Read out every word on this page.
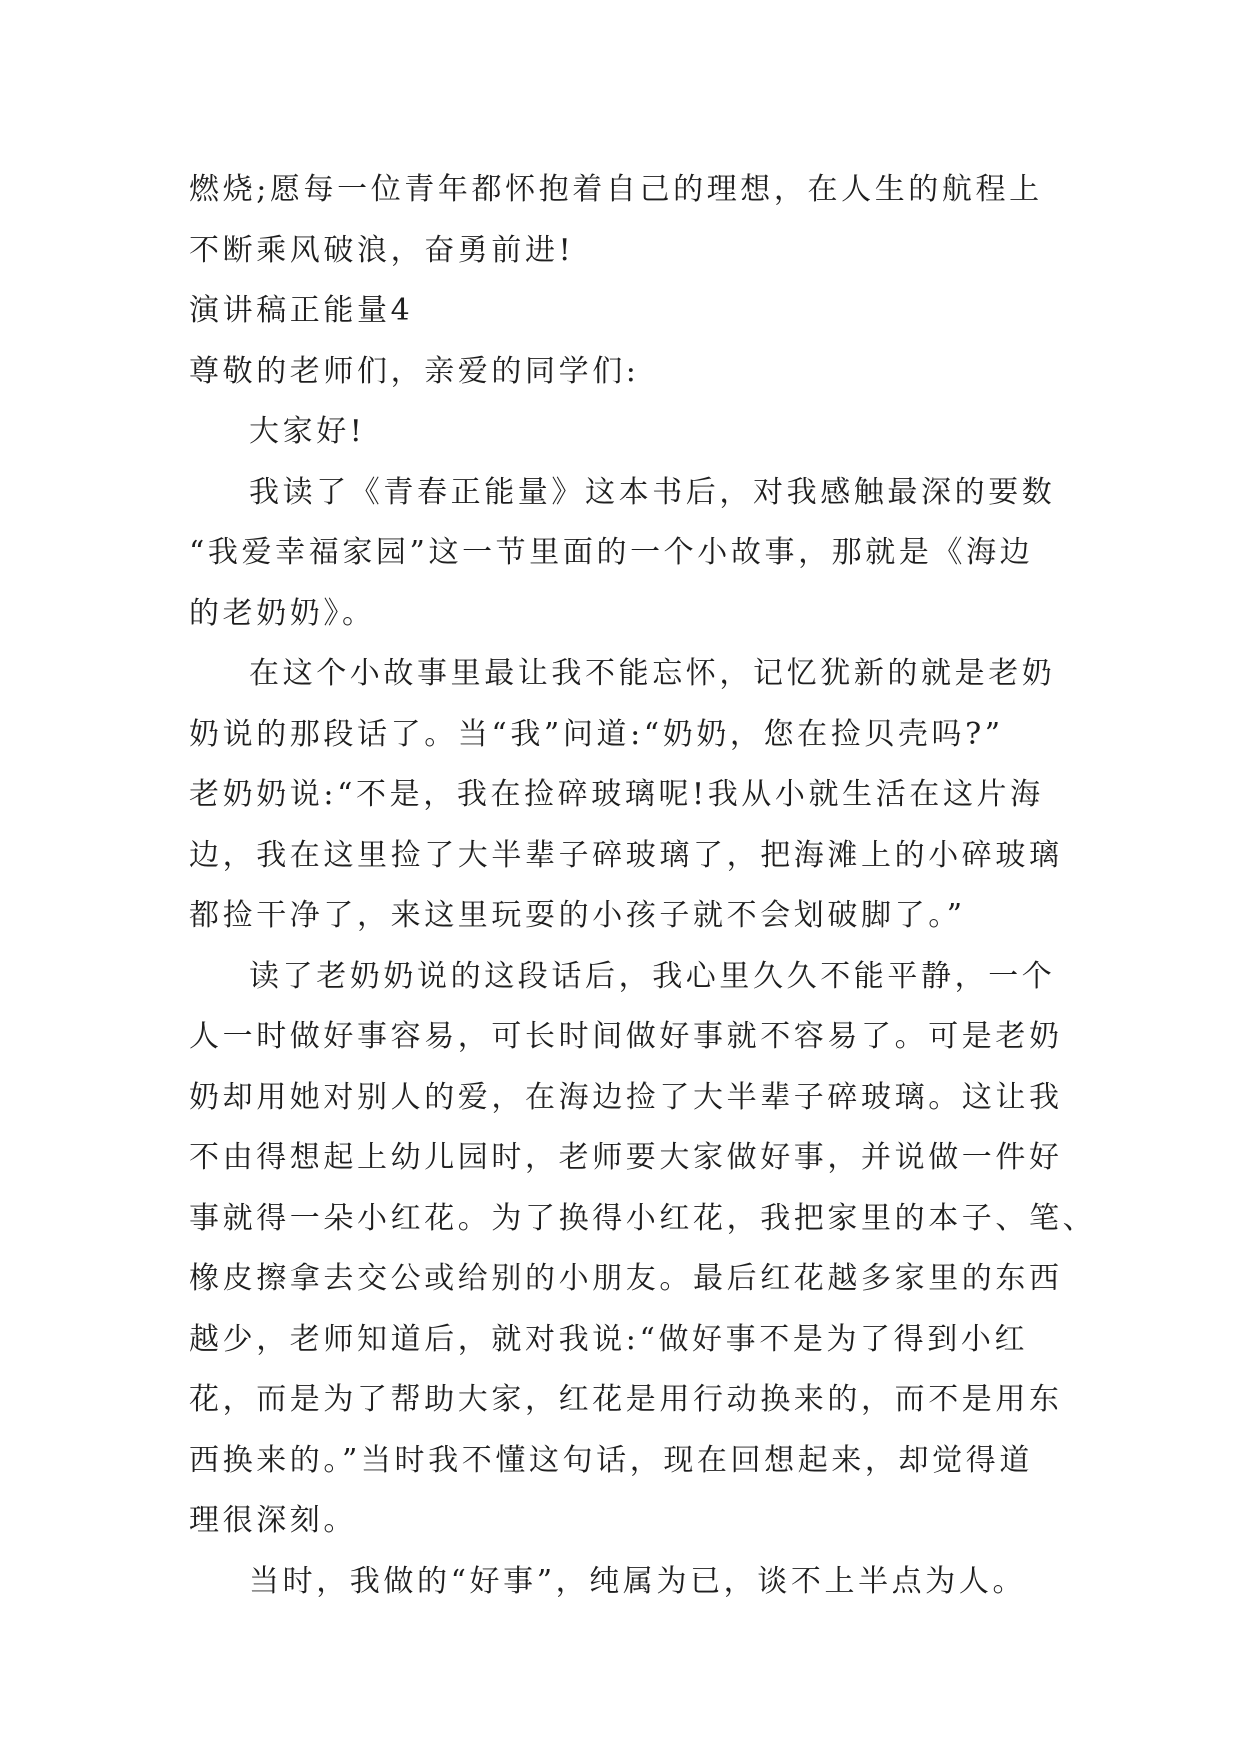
燃烧;愿每一位青年都怀抱着自己的理想，在人生的航程上
不断乘风破浪，奋勇前进!

演讲稿正能量4

尊敬的老师们，亲爱的同学们:

大家好!

我读了《青春正能量》这本书后，对我感触最深的要数
“我爱幸福家园”这一节里面的一个小故事，那就是《海边
的老奶奶》。

在这个小故事里最让我不能忘怀，记忆犹新的就是老奶
奶说的那段话了。当“我”问道:“奶奶，您在捡贝壳吗?”
老奶奶说:“不是，我在捡碎玻璃呢!我从小就生活在这片海
边，我在这里捡了大半辈子碎玻璃了，把海滩上的小碎玻璃
都捡干净了，来这里玩耍的小孩子就不会划破脚了。”

读了老奶奶说的这段话后，我心里久久不能平静，一个
人一时做好事容易，可长时间做好事就不容易了。可是老奶
奶却用她对别人的爱，在海边捡了大半辈子碎玻璃。这让我
不由得想起上幼儿园时，老师要大家做好事，并说做一件好
事就得一朵小红花。为了换得小红花，我把家里的本子、笔、
橡皮擦拿去交公或给别的小朋友。最后红花越多家里的东西
越少，老师知道后，就对我说:“做好事不是为了得到小红
花，而是为了帮助大家，红花是用行动换来的，而不是用东
西换来的。”当时我不懂这句话，现在回想起来，却觉得道
理很深刻。

当时，我做的“好事”，纯属为已，谈不上半点为人。
